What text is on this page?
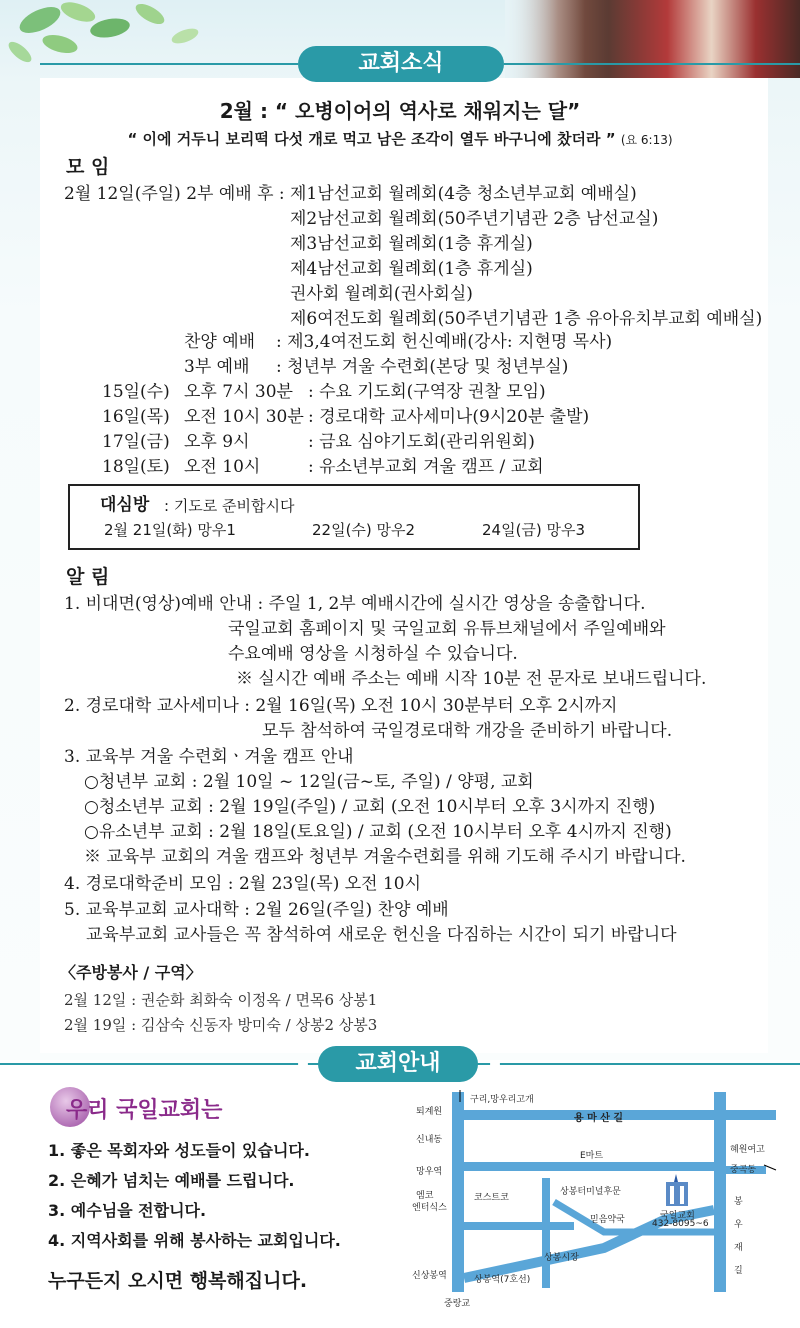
교회소식
2월 : “ 오병이어의 역사로 채워지는 달”
“ 이에 거두니 보리떡 다섯 개로 먹고 남은 조각이 열두 바구니에 찼더라 ” (요 6:13)
모 임
2월 12일(주일) 2부 예배 후 : 제1남선교회 월례회(4층 청소년부교회 예배실)
제2남선교회 월례회(50주년기념관 2층 남선교실)
제3남선교회 월례회(1층 휴게실)
제4남선교회 월례회(1층 휴게실)
권사회 월례회(권사회실)
제6여전도회 월례회(50주년기념관 1층 유아유치부교회 예배실)
찬양 예배 : 제3,4여전도회 헌신예배(강사: 지현명 목사)
3부 예배 : 청년부 겨울 수련회(본당 및 청년부실)
15일(수) 오후 7시 30분 : 수요 기도회(구역장 권찰 모임)
16일(목) 오전 10시 30분 : 경로대학 교사세미나(9시20분 출발)
17일(금) 오후 9시	: 금요 심야기도회(관리위원회)
18일(토) 오전 10시	: 유소년부교회 겨울 캠프 / 교회
대심방 : 기도로 준비합시다
2월 21일(화) 망우1	22일(수) 망우2	24일(금) 망우3
알 림
1. 비대면(영상)예배 안내 : 주일 1, 2부 예배시간에 실시간 영상을 송출합니다.
국일교회 홈페이지 및 국일교회 유튜브채널에서 주일예배와
수요예배 영상을 시청하실 수 있습니다.
※ 실시간 예배 주소는 예배 시작 10분 전 문자로 보내드립니다.
2. 경로대학 교사세미나 : 2월 16일(목) 오전 10시 30분부터 오후 2시까지
모두 참석하여 국일경로대학 개강을 준비하기 바랍니다.
3. 교육부 겨울 수련회ㆍ겨울 캠프 안내
○청년부 교회 : 2월 10일 ~ 12일(금~토, 주일) / 양평, 교회
○청소년부 교회 : 2월 19일(주일) / 교회 (오전 10시부터 오후 3시까지 진행)
○유소년부 교회 : 2월 18일(토요일) / 교회 (오전 10시부터 오후 4시까지 진행)
※ 교육부 교회의 겨울 캠프와 청년부 겨울수련회를 위해 기도해 주시기 바랍니다.
4. 경로대학준비 모임 : 2월 23일(목) 오전 10시
5. 교육부교회 교사대학 : 2월 26일(주일) 찬양 예배
교육부교회 교사들은 꼭 참석하여 새로운 헌신을 다짐하는 시간이 되기 바랍니다
〈주방봉사 / 구역〉
2월 12일 : 권순화 최화숙 이정옥 / 면목6 상봉1
2월 19일 : 김삼숙 신동자 방미숙 / 상봉2 상봉3
교회안내
우리 국일교회는
1. 좋은 목회자와 성도들이 있습니다.
2. 은혜가 넘치는 예배를 드립니다.
3. 예수님을 전합니다.
4. 지역사회를 위해 봉사하는 교회입니다.
누구든지 오시면 행복해집니다.
퇴계원
구리,망우리고개
용 마 산 길
신내동
E마트
혜원여고
망우역	중곡동
엠코
엔터식스
코스트코
상봉터미널후문
국일교회
432-8095~6
믿음약국
봉
우
재
길
상봉시장
신상봉역	상봉역(7호선)
중랑교
